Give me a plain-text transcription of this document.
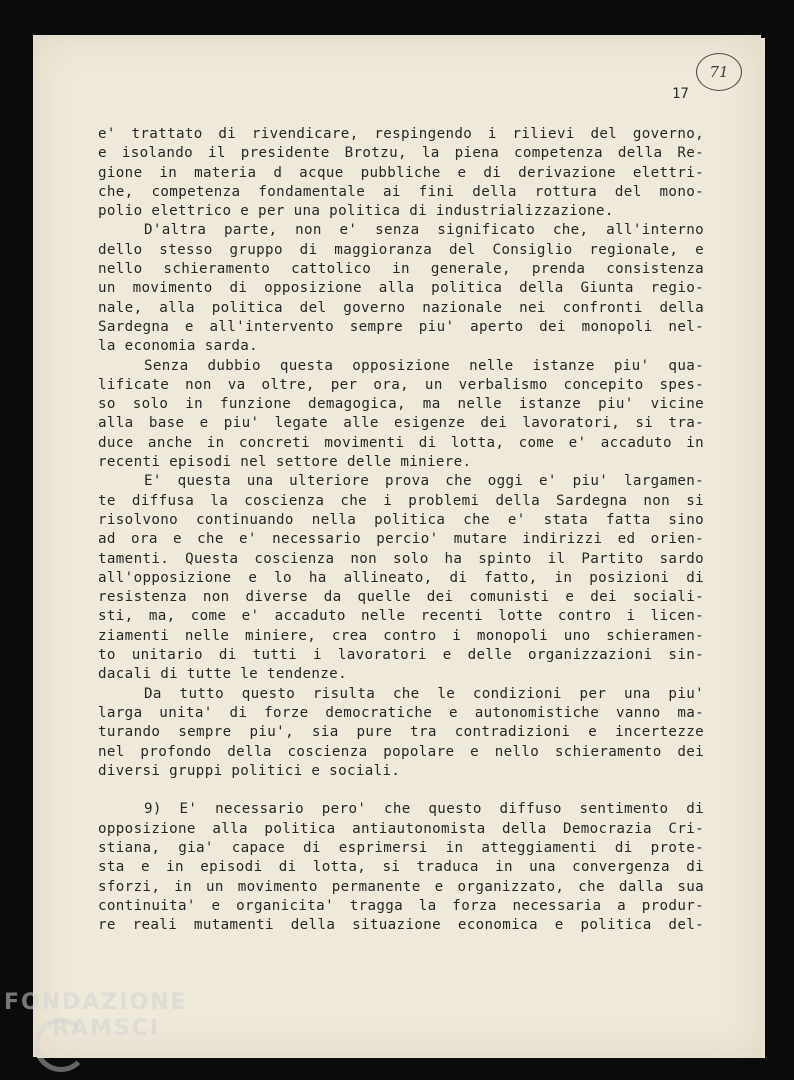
71
17
e' trattato di rivendicare, respingendo i rilievi del governo,
e isolando il presidente Brotzu, la piena competenza della Re-
gione in materia d acque pubbliche e di derivazione elettri-
che, competenza fondamentale ai fini della rottura del mono-
polio elettrico e per una politica di industrializzazione.
D'altra parte, non e' senza significato che, all'interno
dello stesso gruppo di maggioranza del Consiglio regionale, e
nello schieramento cattolico in generale, prenda consistenza
un movimento di opposizione alla politica della Giunta regio-
nale, alla politica del governo nazionale nei confronti della
Sardegna e all'intervento sempre piu' aperto dei monopoli nel-
la economia sarda.
Senza dubbio questa opposizione nelle istanze piu' qua-
lificate non va oltre, per ora, un verbalismo concepito spes-
so solo in funzione demagogica, ma nelle istanze piu' vicine
alla base e piu' legate alle esigenze dei lavoratori, si tra-
duce anche in concreti movimenti di lotta, come e' accaduto in
recenti episodi nel settore delle miniere.
E' questa una ulteriore prova che oggi e' piu' largamen-
te diffusa la coscienza che i problemi della Sardegna non si
risolvono continuando nella politica che e' stata fatta sino
ad ora e che e' necessario percio' mutare indirizzi ed orien-
tamenti. Questa coscienza non solo ha spinto il Partito sardo
all'opposizione e lo ha allineato, di fatto, in posizioni di
resistenza non diverse da quelle dei comunisti e dei sociali-
sti, ma, come e' accaduto nelle recenti lotte contro i licen-
ziamenti nelle miniere, crea contro i monopoli uno schieramen-
to unitario di tutti i lavoratori e delle organizzazioni sin-
dacali di tutte le tendenze.
Da tutto questo risulta che le condizioni per una piu'
larga unita' di forze democratiche e autonomistiche vanno ma-
turando sempre piu', sia pure tra contradizioni e incertezze
nel profondo della coscienza popolare e nello schieramento dei
diversi gruppi politici e sociali.
9) E' necessario pero' che questo diffuso sentimento di
opposizione alla politica antiautonomista della Democrazia Cri-
stiana, gia' capace di esprimersi in atteggiamenti di prote-
sta e in episodi di lotta, si traduca in una convergenza di
sforzi, in un movimento permanente e organizzato, che dalla sua
continuita' e organicita' tragga la forza necessaria a produr-
re reali mutamenti della situazione economica e politica del-
FONDAZIONE
RAMSCI
